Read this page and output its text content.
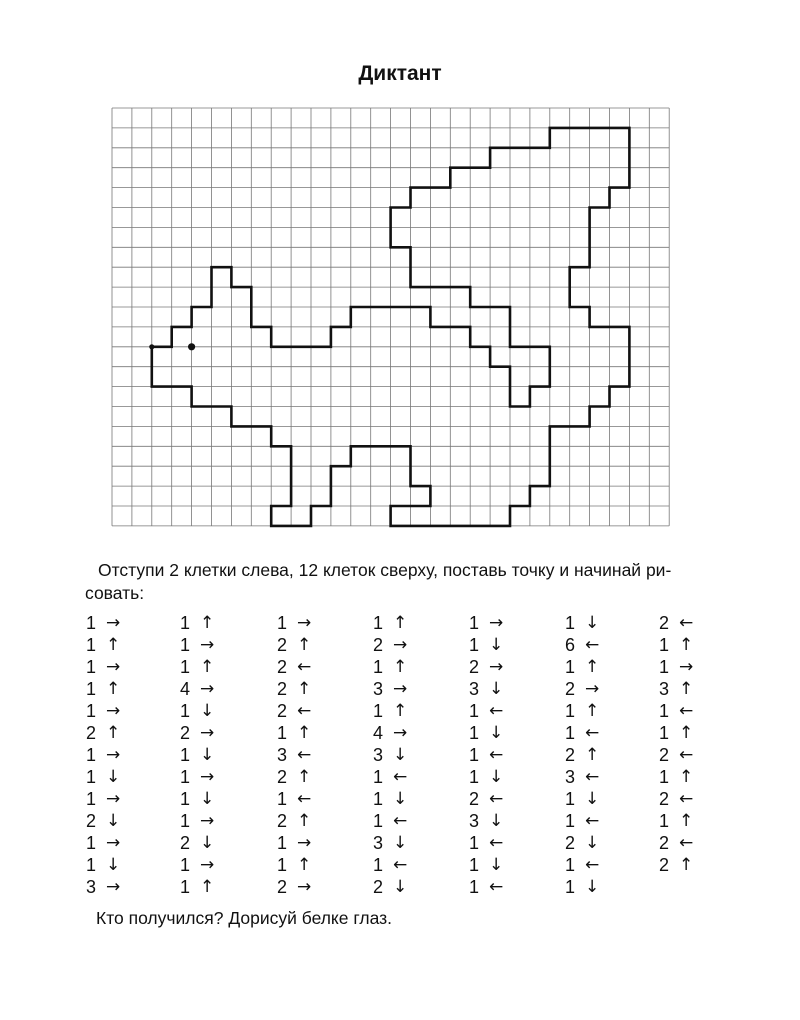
Диктант
Отступи 2 клетки слева, 12 клеток сверху, поставь точку и начинай ри-совать:
1 →
1 ↑
1 →
1 ↑
1 →
2 ↑
1 →
1 ↓
1 →
2 ↓
1 →
1 ↓
3 →
1 ↑
1 →
1 ↑
4 →
1 ↓
2 →
1 ↓
1 →
1 ↓
1 →
2 ↓
1 →
1 ↑
1 →
2 ↑
2 ←
2 ↑
2 ←
1 ↑
3 ←
2 ↑
1 ←
2 ↑
1 →
1 ↑
2 →
1 ↑
2 →
1 ↑
3 →
1 ↑
4 →
3 ↓
1 ←
1 ↓
1 ←
3 ↓
1 ←
2 ↓
1 →
1 ↓
2 →
3 ↓
1 ←
1 ↓
1 ←
1 ↓
2 ←
3 ↓
1 ←
1 ↓
1 ←
1 ↓
6 ←
1 ↑
2 →
1 ↑
1 ←
2 ↑
3 ←
1 ↓
1 ←
2 ↓
1 ←
1 ↓
2 ←
1 ↑
1 →
3 ↑
1 ←
1 ↑
2 ←
1 ↑
2 ←
1 ↑
2 ←
2 ↑
Кто получился? Дорисуй белке глаз.
